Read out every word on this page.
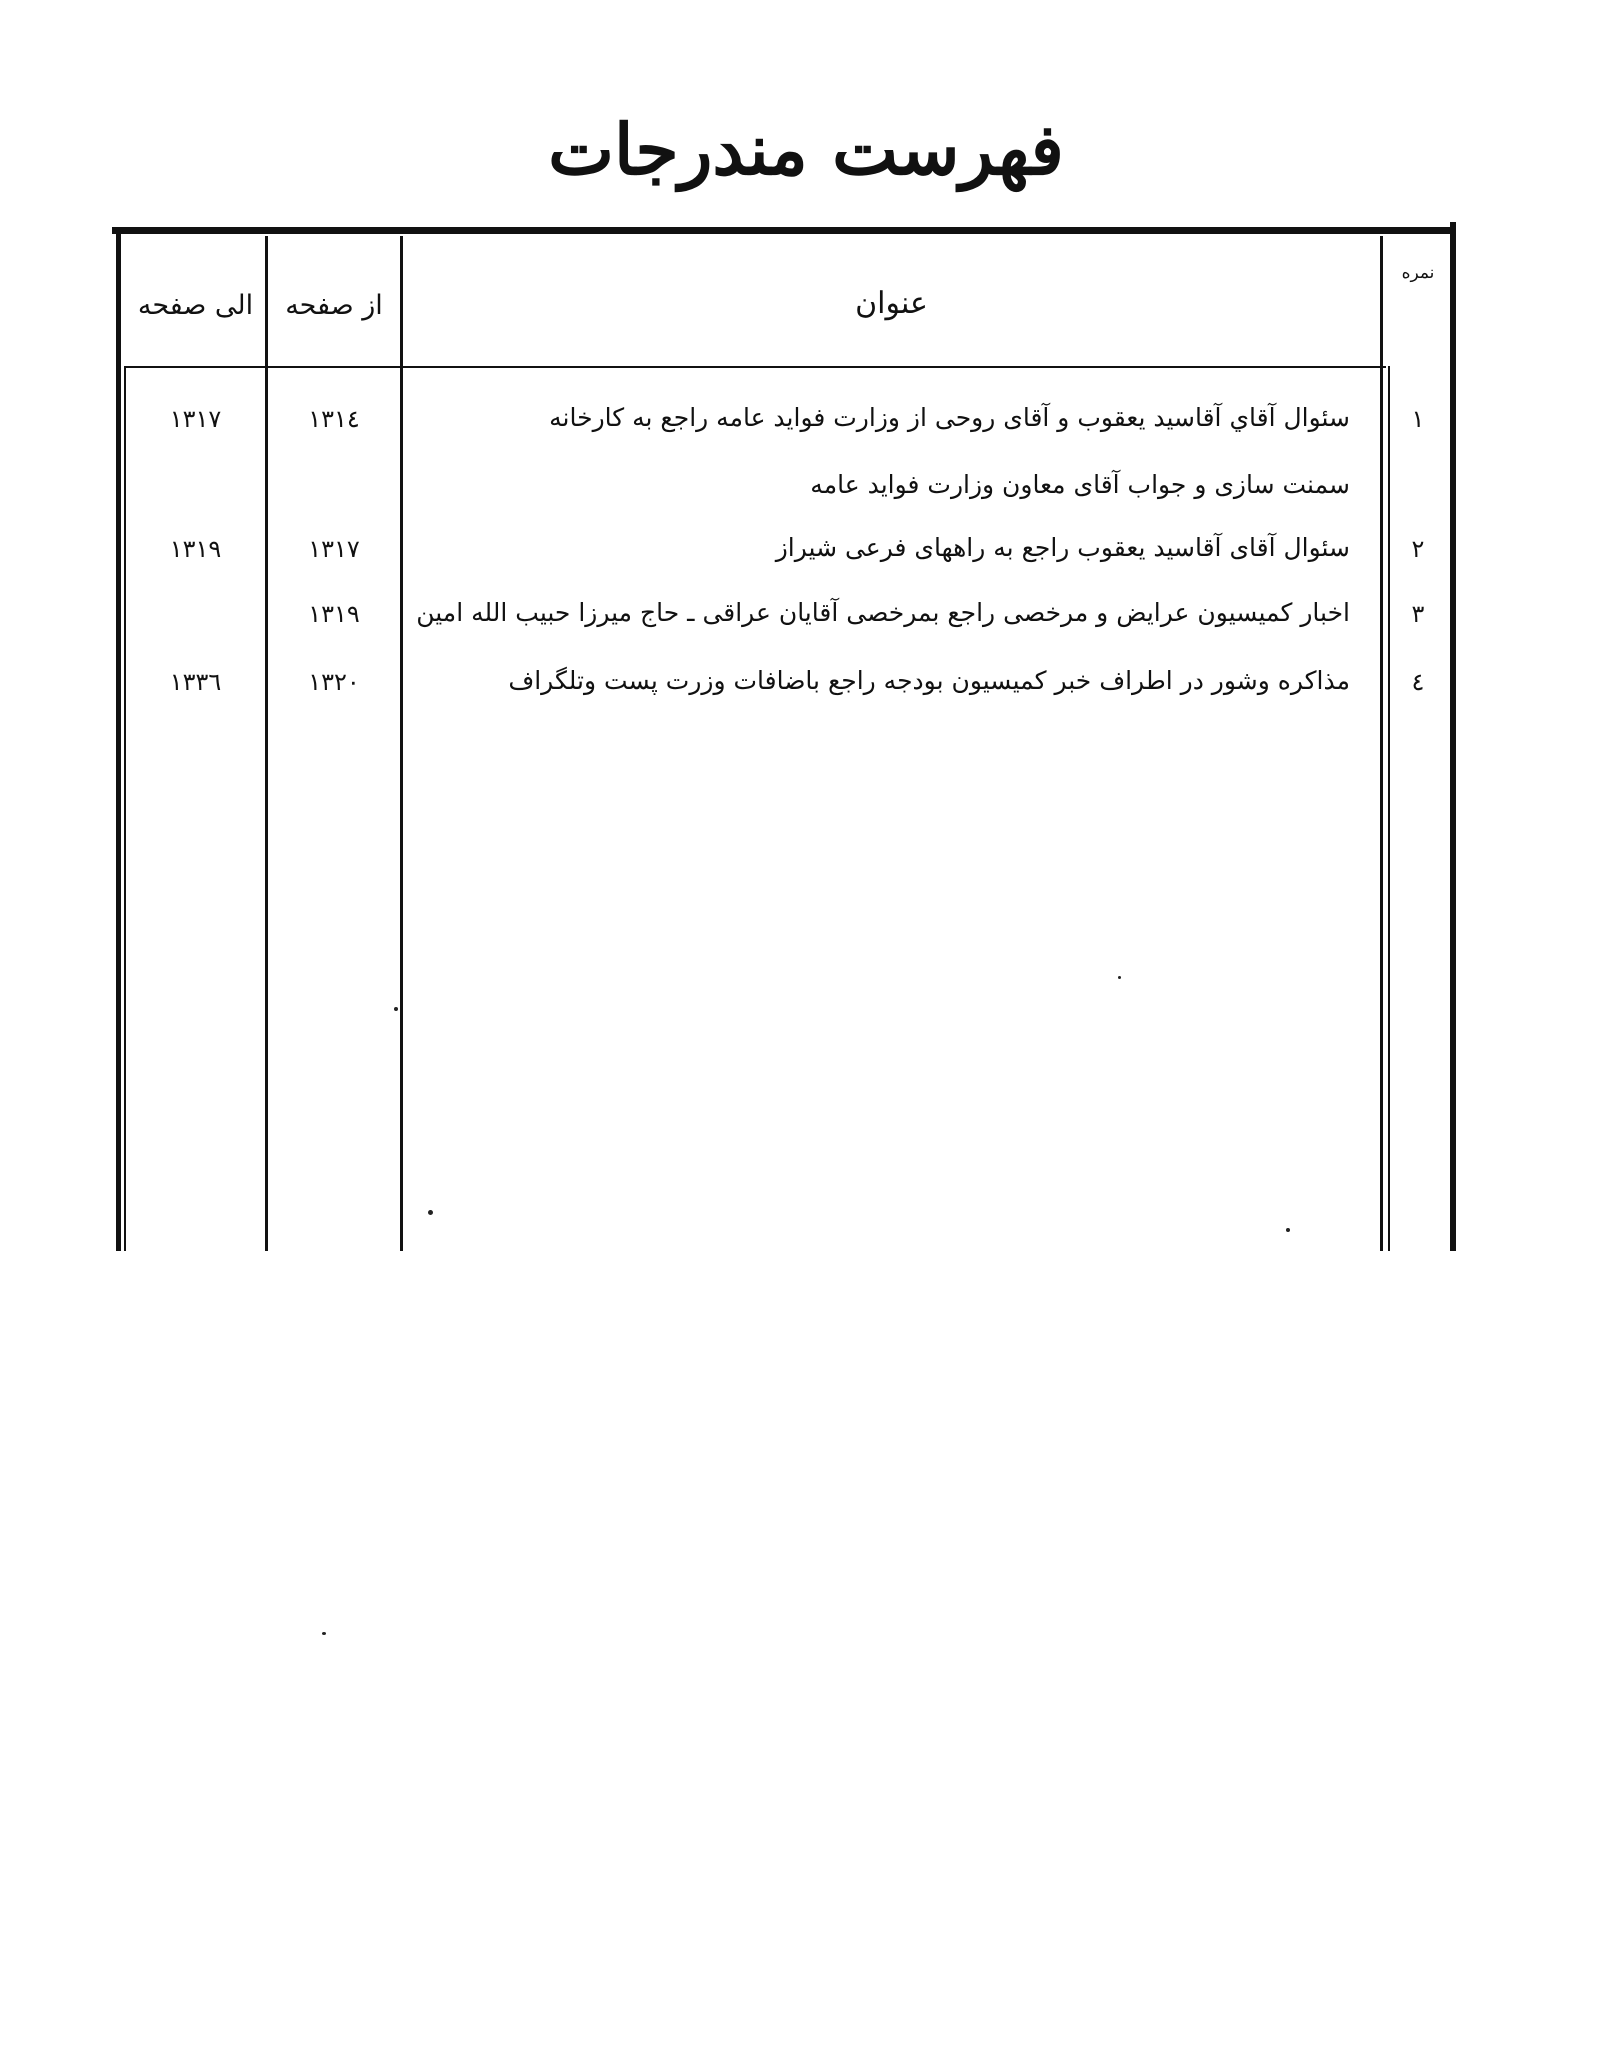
فهرست مندرجات
الی صفحه	از صفحه	عنوان
نمره
۱
سئوال آقاي آقاسيد يعقوب و آقاى روحى از وزارت فوايد عامه راجع به كارخانه
سمنت سازى و جواب آقاى معاون وزارت فوايد عامه
۱۳۱٤
۱۳۱۷
۲
سئوال آقاى آقاسيد يعقوب راجع به راههاى فرعى شيراز
۱۳۱۷
۱۳۱۹
۳
اخبار كميسيون عرايض و مرخصى راجع بمرخصى آقايان عراقى ـ حاج ميرزا حبيب الله امين
۱۳۱۹
٤
مذاكره وشور در اطراف خبر كميسيون بودجه راجع باضافات وزرت پست وتلگراف
۱۳۲۰
۱۳۳٦
